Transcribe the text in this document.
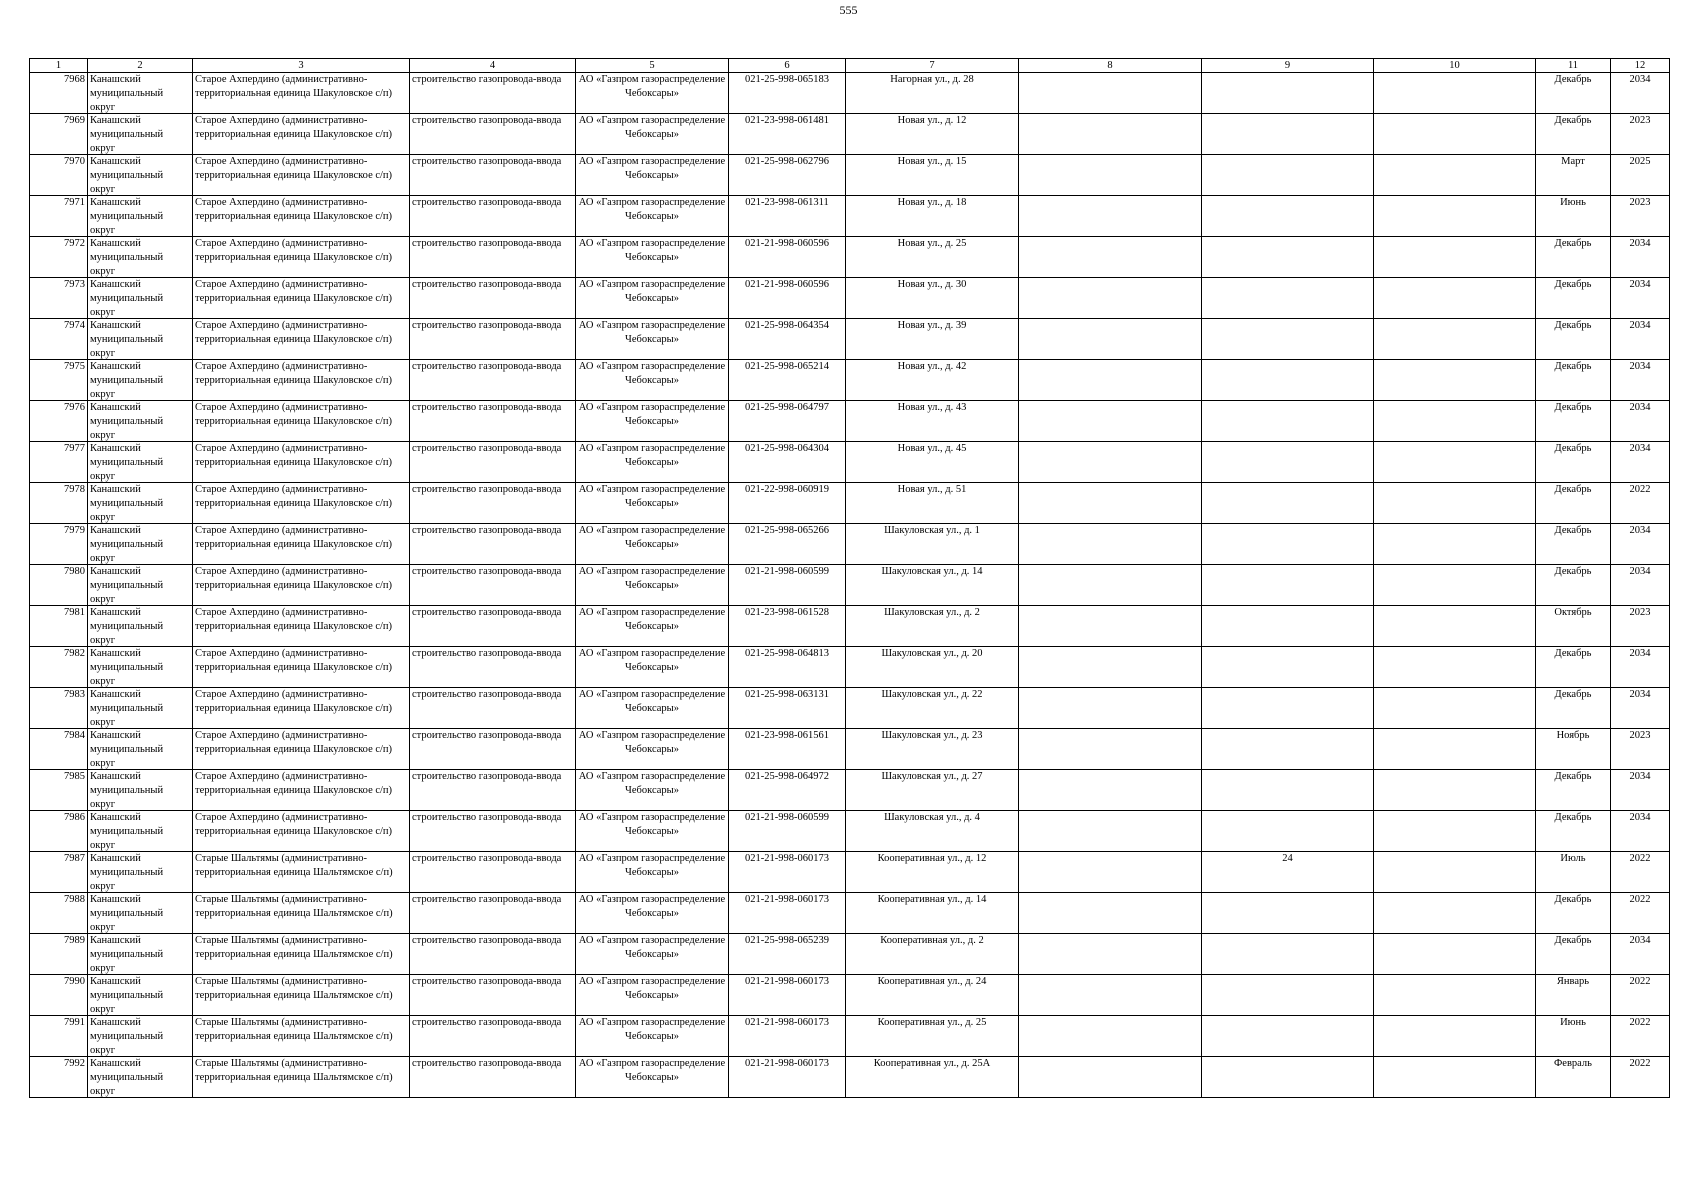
555
1	2	3	4	5	6	7	8	9	10	11	12

7968	Канашский муниципальный округ	Старое Ахпердино (административно-территориальная единица Шакуловское с/п)	строительство газопровода-ввода	АО «Газпром газораспределение Чебоксары»	021-25-998-065183	Нагорная ул., д. 28				Декабрь	2034

7969	Канашский муниципальный округ	Старое Ахпердино (административно-территориальная единица Шакуловское с/п)	строительство газопровода-ввода	АО «Газпром газораспределение Чебоксары»	021-23-998-061481	Новая ул., д. 12				Декабрь	2023

7970	Канашский муниципальный округ	Старое Ахпердино (административно-территориальная единица Шакуловское с/п)	строительство газопровода-ввода	АО «Газпром газораспределение Чебоксары»	021-25-998-062796	Новая ул., д. 15				Март	2025

7971	Канашский муниципальный округ	Старое Ахпердино (административно-территориальная единица Шакуловское с/п)	строительство газопровода-ввода	АО «Газпром газораспределение Чебоксары»	021-23-998-061311	Новая ул., д. 18				Июнь	2023

7972	Канашский муниципальный округ	Старое Ахпердино (административно-территориальная единица Шакуловское с/п)	строительство газопровода-ввода	АО «Газпром газораспределение Чебоксары»	021-21-998-060596	Новая ул., д. 25				Декабрь	2034

7973	Канашский муниципальный округ	Старое Ахпердино (административно-территориальная единица Шакуловское с/п)	строительство газопровода-ввода	АО «Газпром газораспределение Чебоксары»	021-21-998-060596	Новая ул., д. 30				Декабрь	2034

7974	Канашский муниципальный округ	Старое Ахпердино (административно-территориальная единица Шакуловское с/п)	строительство газопровода-ввода	АО «Газпром газораспределение Чебоксары»	021-25-998-064354	Новая ул., д. 39				Декабрь	2034

7975	Канашский муниципальный округ	Старое Ахпердино (административно-территориальная единица Шакуловское с/п)	строительство газопровода-ввода	АО «Газпром газораспределение Чебоксары»	021-25-998-065214	Новая ул., д. 42				Декабрь	2034

7976	Канашский муниципальный округ	Старое Ахпердино (административно-территориальная единица Шакуловское с/п)	строительство газопровода-ввода	АО «Газпром газораспределение Чебоксары»	021-25-998-064797	Новая ул., д. 43				Декабрь	2034

7977	Канашский муниципальный округ	Старое Ахпердино (административно-территориальная единица Шакуловское с/п)	строительство газопровода-ввода	АО «Газпром газораспределение Чебоксары»	021-25-998-064304	Новая ул., д. 45				Декабрь	2034

7978	Канашский муниципальный округ	Старое Ахпердино (административно-территориальная единица Шакуловское с/п)	строительство газопровода-ввода	АО «Газпром газораспределение Чебоксары»	021-22-998-060919	Новая ул., д. 51				Декабрь	2022

7979	Канашский муниципальный округ	Старое Ахпердино (административно-территориальная единица Шакуловское с/п)	строительство газопровода-ввода	АО «Газпром газораспределение Чебоксары»	021-25-998-065266	Шакуловская ул., д. 1				Декабрь	2034

7980	Канашский муниципальный округ	Старое Ахпердино (административно-территориальная единица Шакуловское с/п)	строительство газопровода-ввода	АО «Газпром газораспределение Чебоксары»	021-21-998-060599	Шакуловская ул., д. 14				Декабрь	2034

7981	Канашский муниципальный округ	Старое Ахпердино (административно-территориальная единица Шакуловское с/п)	строительство газопровода-ввода	АО «Газпром газораспределение Чебоксары»	021-23-998-061528	Шакуловская ул., д. 2				Октябрь	2023

7982	Канашский муниципальный округ	Старое Ахпердино (административно-территориальная единица Шакуловское с/п)	строительство газопровода-ввода	АО «Газпром газораспределение Чебоксары»	021-25-998-064813	Шакуловская ул., д. 20				Декабрь	2034

7983	Канашский муниципальный округ	Старое Ахпердино (административно-территориальная единица Шакуловское с/п)	строительство газопровода-ввода	АО «Газпром газораспределение Чебоксары»	021-25-998-063131	Шакуловская ул., д. 22				Декабрь	2034

7984	Канашский муниципальный округ	Старое Ахпердино (административно-территориальная единица Шакуловское с/п)	строительство газопровода-ввода	АО «Газпром газораспределение Чебоксары»	021-23-998-061561	Шакуловская ул., д. 23				Ноябрь	2023

7985	Канашский муниципальный округ	Старое Ахпердино (административно-территориальная единица Шакуловское с/п)	строительство газопровода-ввода	АО «Газпром газораспределение Чебоксары»	021-25-998-064972	Шакуловская ул., д. 27				Декабрь	2034

7986	Канашский муниципальный округ	Старое Ахпердино (административно-территориальная единица Шакуловское с/п)	строительство газопровода-ввода	АО «Газпром газораспределение Чебоксары»	021-21-998-060599	Шакуловская ул., д. 4				Декабрь	2034

7987	Канашский муниципальный округ	Старые Шальтямы (административно-территориальная единица Шальтямское с/п)	строительство газопровода-ввода	АО «Газпром газораспределение Чебоксары»	021-21-998-060173	Кооперативная ул., д. 12		24		Июль	2022

7988	Канашский муниципальный округ	Старые Шальтямы (административно-территориальная единица Шальтямское с/п)	строительство газопровода-ввода	АО «Газпром газораспределение Чебоксары»	021-21-998-060173	Кооперативная ул., д. 14				Декабрь	2022

7989	Канашский муниципальный округ	Старые Шальтямы (административно-территориальная единица Шальтямское с/п)	строительство газопровода-ввода	АО «Газпром газораспределение Чебоксары»	021-25-998-065239	Кооперативная ул., д. 2				Декабрь	2034

7990	Канашский муниципальный округ	Старые Шальтямы (административно-территориальная единица Шальтямское с/п)	строительство газопровода-ввода	АО «Газпром газораспределение Чебоксары»	021-21-998-060173	Кооперативная ул., д. 24				Январь	2022

7991	Канашский муниципальный округ	Старые Шальтямы (административно-территориальная единица Шальтямское с/п)	строительство газопровода-ввода	АО «Газпром газораспределение Чебоксары»	021-21-998-060173	Кооперативная ул., д. 25				Июнь	2022

7992	Канашский муниципальный округ	Старые Шальтямы (административно-территориальная единица Шальтямское с/п)	строительство газопровода-ввода	АО «Газпром газораспределение Чебоксары»	021-21-998-060173	Кооперативная ул., д. 25А				Февраль	2022
